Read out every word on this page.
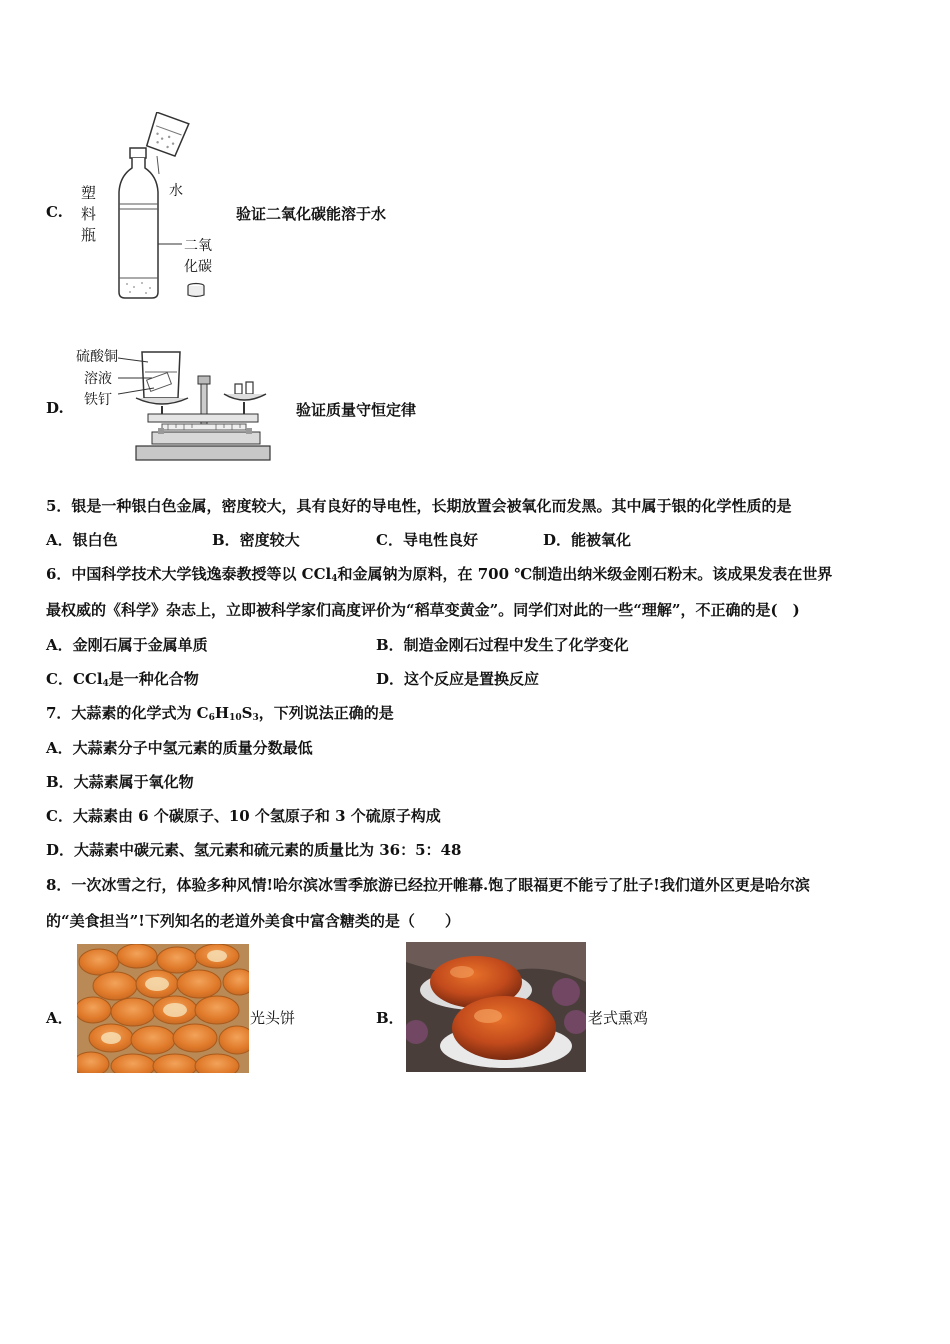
C.
塑料瓶
水
二氧化碳
验证二氧化碳能溶于水
D.
硫酸铜
溶液
铁钉
验证质量守恒定律
5．银是一种银白色金属，密度较大，具有良好的导电性，长期放置会被氧化而发黑。其中属于银的化学性质的是
A．银白色	B．密度较大	C．导电性良好	D．能被氧化
6．中国科学技术大学钱逸泰教授等以 CCl$_4$和金属钠为原料，在 700 ℃制造出纳米级金刚石粉末。该成果发表在世界
最权威的《科学》杂志上，立即被科学家们高度评价为“稻草变黄金”。同学们对此的一些“理解”，不正确的是(　)
A．金刚石属于金属单质	B．制造金刚石过程中发生了化学变化
C．CCl$_4$是一种化合物	D．这个反应是置换反应
7．大蒜素的化学式为 $C_6H_{10}S_3$，下列说法正确的是
A．大蒜素分子中氢元素的质量分数最低
B．大蒜素属于氧化物
C．大蒜素由 6 个碳原子、10 个氢原子和 3 个硫原子构成
D．大蒜素中碳元素、氢元素和硫元素的质量比为 36：5：48
8．一次冰雪之行，体验多种风情!哈尔滨冰雪季旅游已经拉开帷幕.饱了眼福更不能亏了肚子!我们道外区更是哈尔滨
的“美食担当”!下列知名的老道外美食中富含糖类的是（　　）
A．	光头饼	B．	老式熏鸡
